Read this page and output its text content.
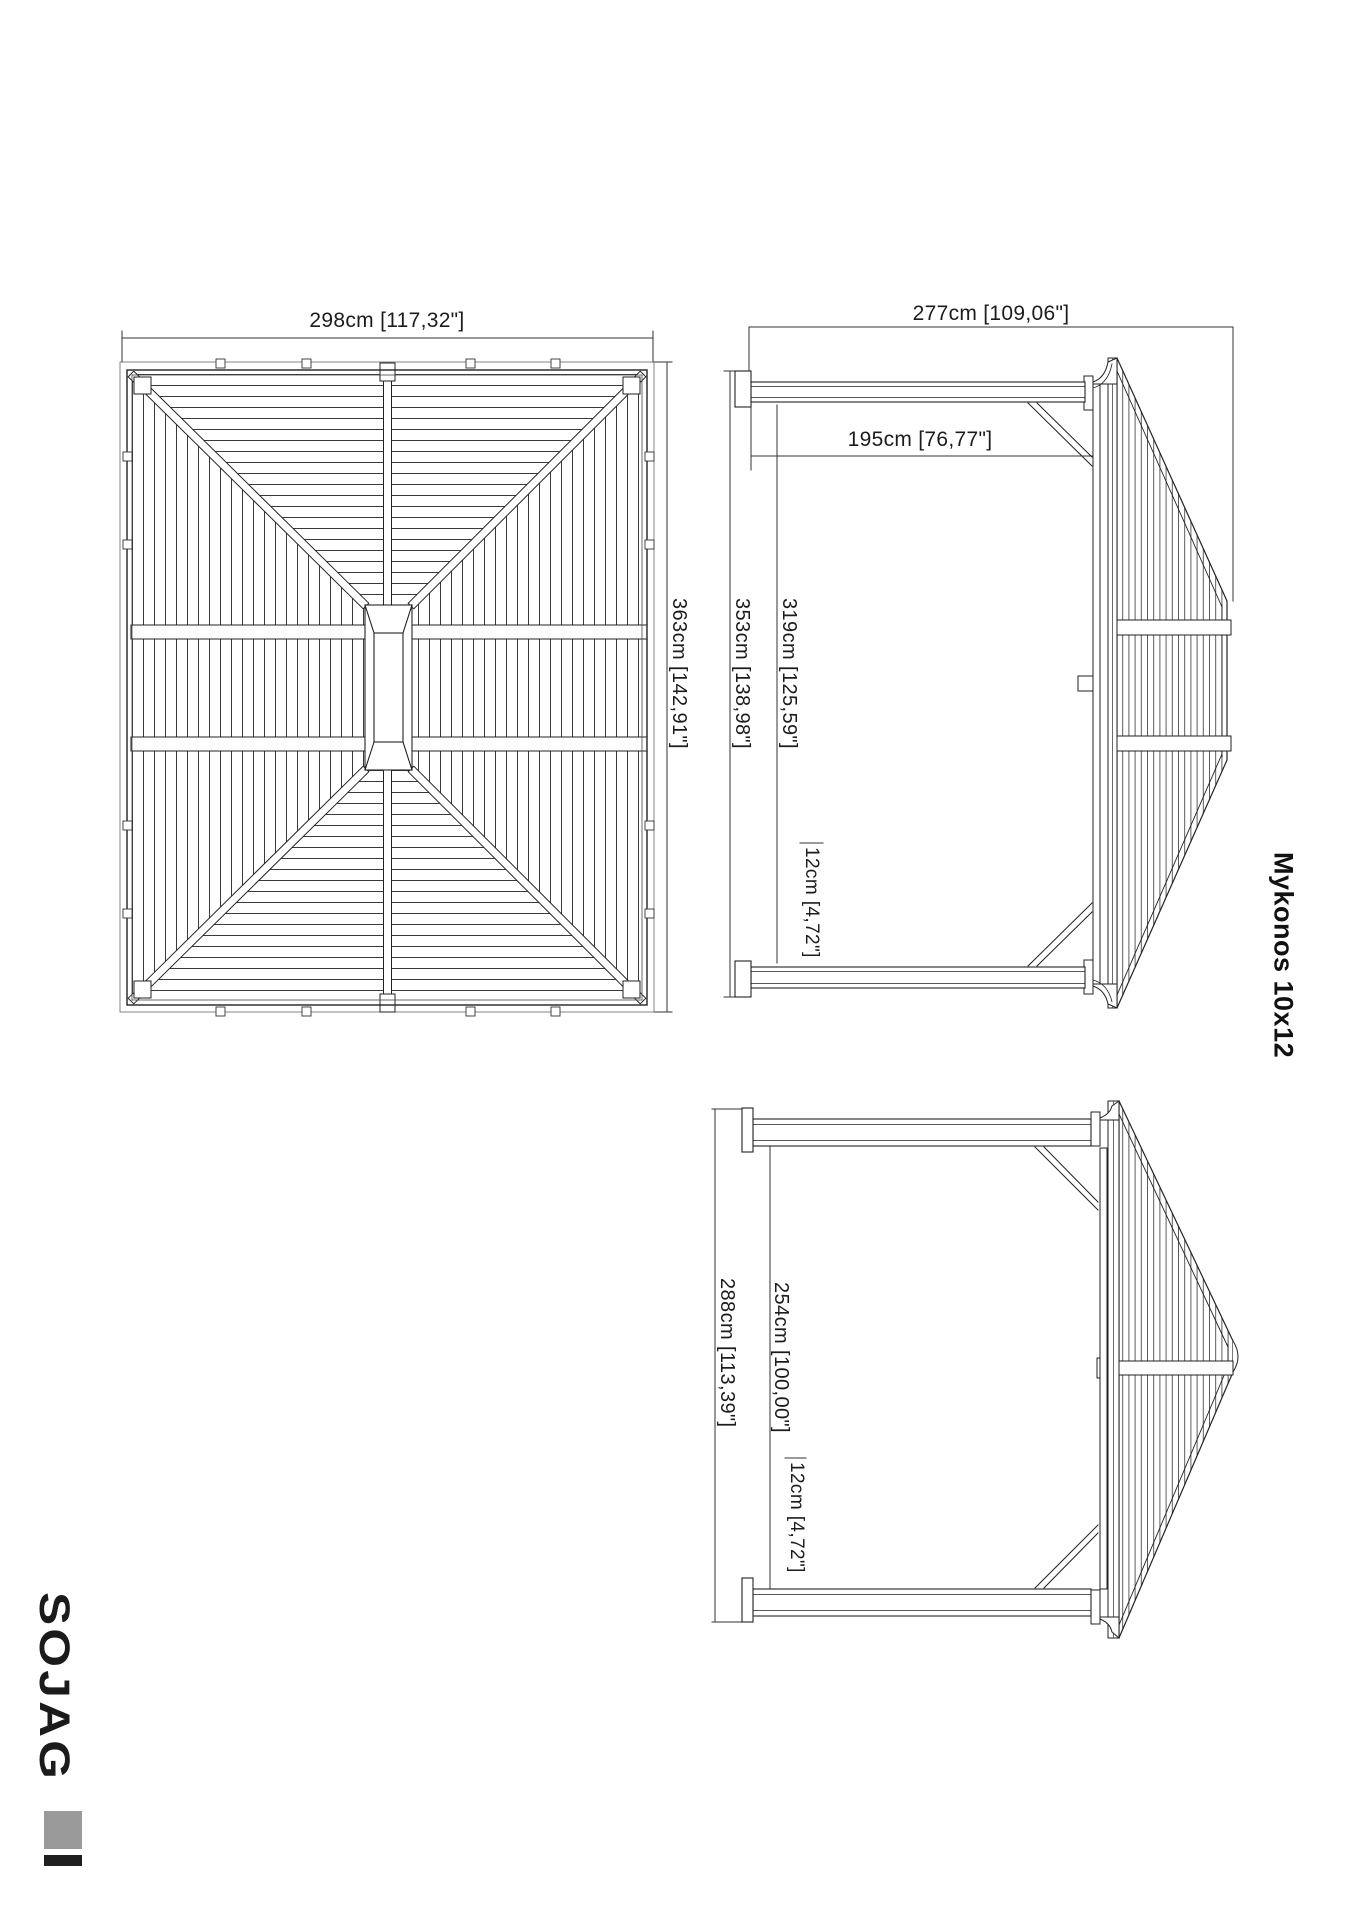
298cm [117,32"]	277cm [109,06"]
195cm [76,77"]
363cm [142,91"] 353cm [138,98"] 319cm [125,59"]
12cm [4,72"]
288cm [113,39"] 254cm [100,00"]
12cm [4,72"]
Mykonos 10x12
SOJAG
